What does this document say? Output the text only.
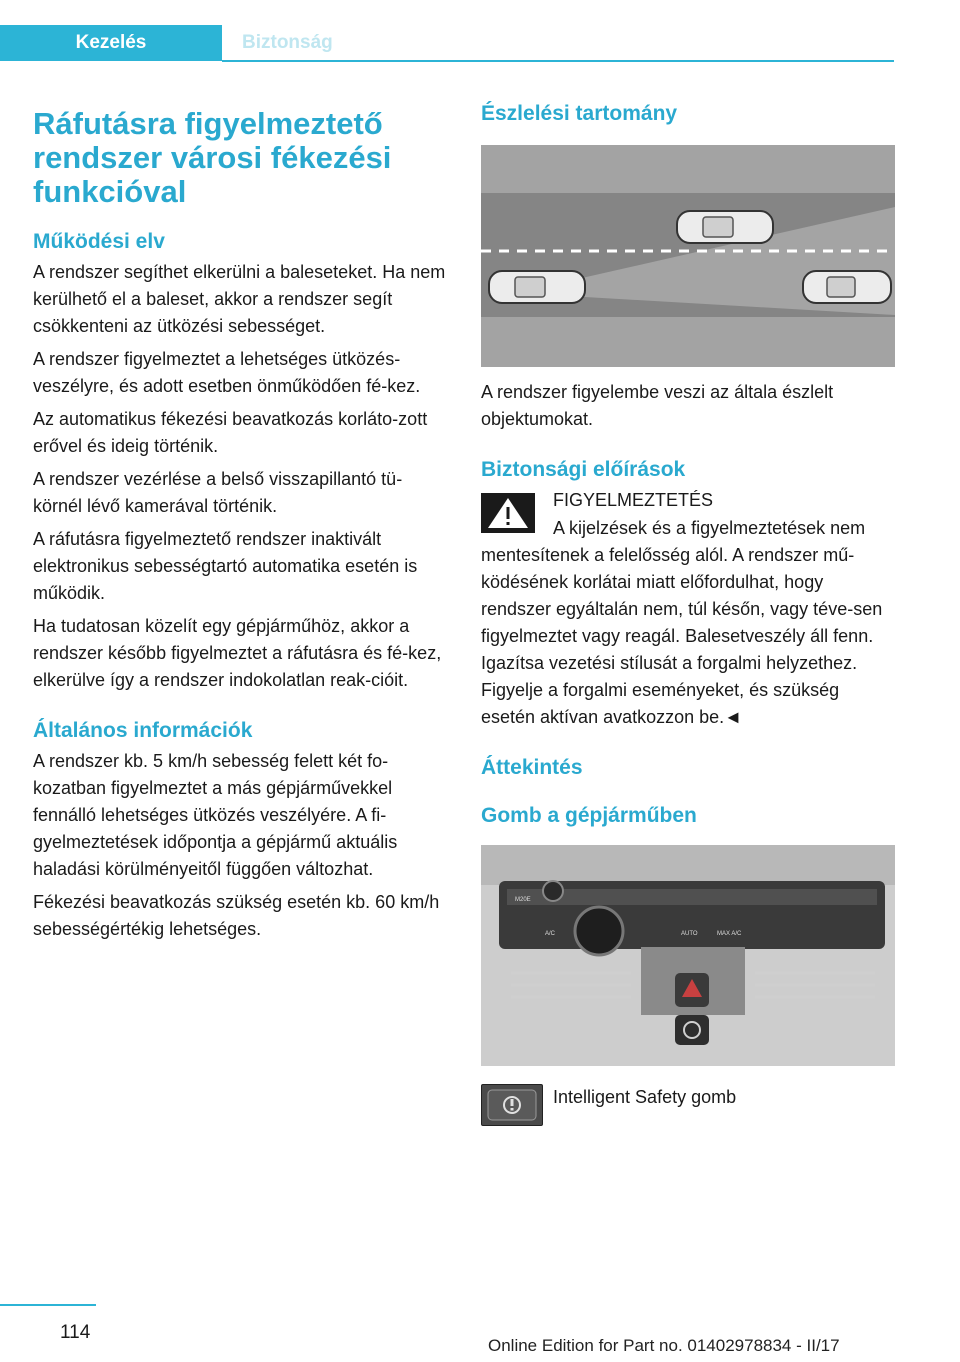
Kezelés	Biztonság
Ráfutásra figyelmeztető rendszer városi fékezési funkcióval
Működési elv

A rendszer segíthet elkerülni a baleseteket. Ha nem kerülhető el a baleset, akkor a rendszer segít csökkenteni az ütközési sebességet.

A rendszer figyelmeztet a lehetséges ütközés-veszélyre, és adott esetben önműködően fé-kez.

Az automatikus fékezési beavatkozás korláto-zott erővel és ideig történik.

A rendszer vezérlése a belső visszapillantó tü-körnél lévő kamerával történik.

A ráfutásra figyelmeztető rendszer inaktivált elektronikus sebességtartó automatika esetén is működik.

Ha tudatosan közelít egy gépjárműhöz, akkor a rendszer később figyelmeztet a ráfutásra és fé-kez, elkerülve így a rendszer indokolatlan reak-cióit.

Általános információk

A rendszer kb. 5 km/h sebesség felett két fo-kozatban figyelmeztet a más gépjárművekkel fennálló lehetséges ütközés veszélyére. A fi-gyelmeztetések időpontja a gépjármű aktuális haladási körülményeitől függően változhat.

Fékezési beavatkozás szükség esetén kb. 60 km/h sebességértékig lehetséges.

Észlelési tartomány

A rendszer figyelembe veszi az általa észlelt objektumokat.

Biztonsági előírások

FIGYELMEZTETÉS

A kijelzések és a figyelmeztetések nem mentesítenek a felelősség alól. A rendszer mű-ködésének korlátai miatt előfordulhat, hogy rendszer egyáltalán nem, túl későn, vagy téve-sen figyelmeztet vagy reagál. Balesetveszély áll fenn. Igazítsa vezetési stílusát a forgalmi helyzethez. Figyelje a forgalmi eseményeket, és szükség esetén aktívan avatkozzon be.◄

Áttekintés
Gomb a gépjárműben
M20E
A/C	AUTO	MAX A/C

Intelligent Safety gomb

114
Online Edition for Part no. 01402978834 - II/17
